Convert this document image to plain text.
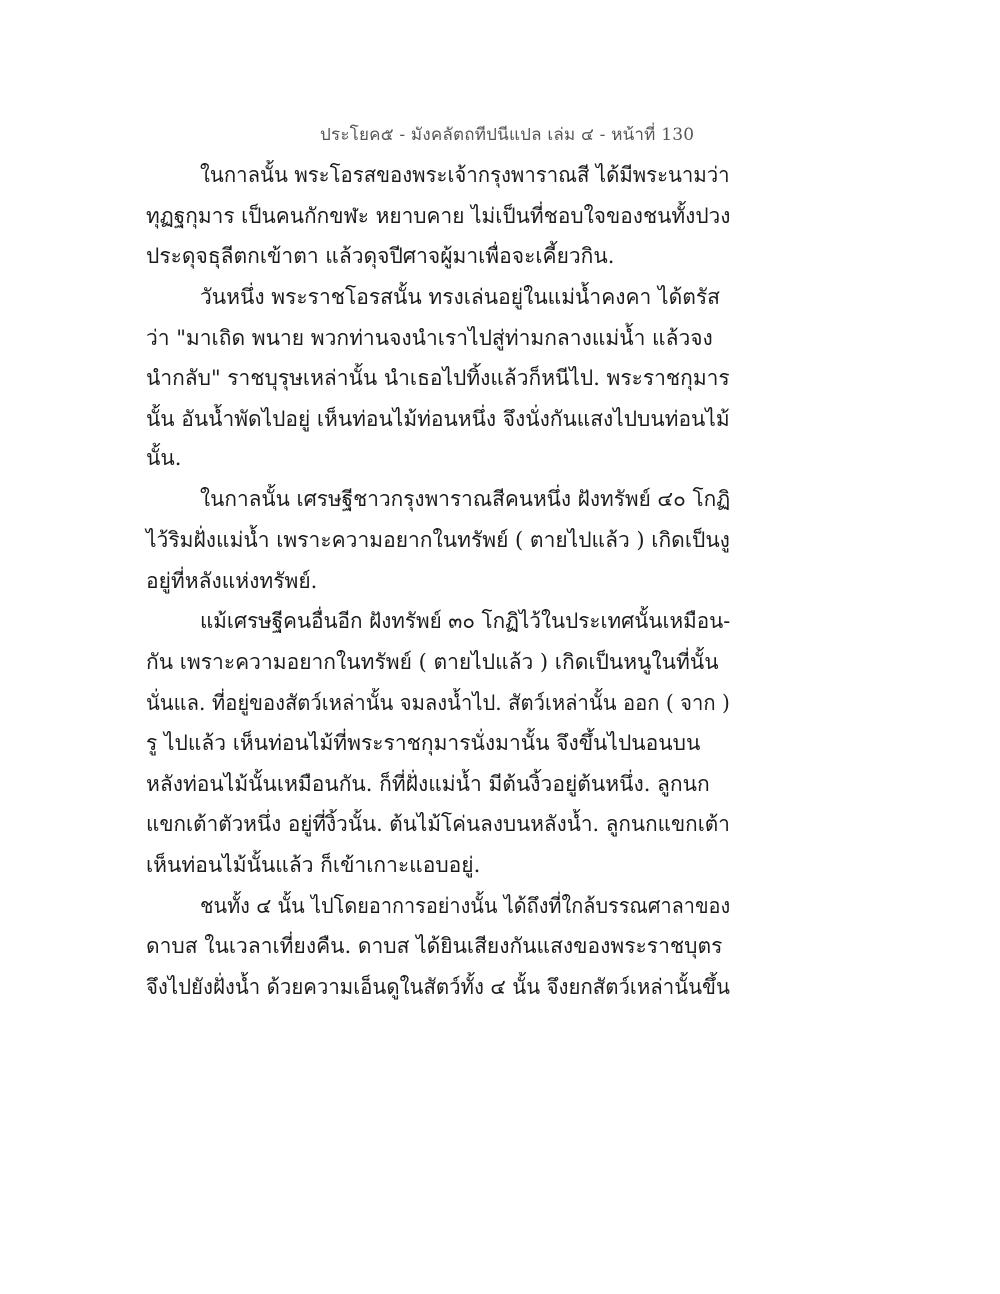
ประโยค๕ - มังคลัตถทีปนีแปล เล่ม ๔ - หน้าที่ 130
ในกาลนั้น พระโอรสของพระเจ้ากรุงพาราณสี ได้มีพระนามว่า
ทุฏฐกุมาร เป็นคนกักขฬะ หยาบคาย ไม่เป็นที่ชอบใจของชนทั้งปวง
ประดุจธุลีตกเข้าตา แล้วดุจปีศาจผู้มาเพื่อจะเคี้ยวกิน.
วันหนึ่ง พระราชโอรสนั้น ทรงเล่นอยู่ในแม่น้ำคงคา ได้ตรัส
ว่า "มาเถิด พนาย พวกท่านจงนำเราไปสู่ท่ามกลางแม่น้ำ แล้วจง
นำกลับ" ราชบุรุษเหล่านั้น นำเธอไปทิ้งแล้วก็หนีไป. พระราชกุมาร
นั้น อันน้ำพัดไปอยู่ เห็นท่อนไม้ท่อนหนึ่ง จึงนั่งกันแสงไปบนท่อนไม้
นั้น.
ในกาลนั้น เศรษฐีชาวกรุงพาราณสีคนหนึ่ง ฝังทรัพย์ ๔๐ โกฏิ
ไว้ริมฝั่งแม่น้ำ เพราะความอยากในทรัพย์ ( ตายไปแล้ว ) เกิดเป็นงู
อยู่ที่หลังแห่งทรัพย์.
แม้เศรษฐีคนอื่นอีก ฝังทรัพย์ ๓๐ โกฏิไว้ในประเทศนั้นเหมือน-
กัน เพราะความอยากในทรัพย์ ( ตายไปแล้ว ) เกิดเป็นหนูในที่นั้น
นั่นแล. ที่อยู่ของสัตว์เหล่านั้น จมลงน้ำไป. สัตว์เหล่านั้น ออก ( จาก )
รู ไปแล้ว เห็นท่อนไม้ที่พระราชกุมารนั่งมานั้น จึงขึ้นไปนอนบน
หลังท่อนไม้นั้นเหมือนกัน. ก็ที่ฝั่งแม่น้ำ มีต้นงิ้วอยู่ต้นหนึ่ง. ลูกนก
แขกเต้าตัวหนึ่ง อยู่ที่งิ้วนั้น. ต้นไม้โค่นลงบนหลังน้ำ. ลูกนกแขกเต้า
เห็นท่อนไม้นั้นแล้ว ก็เข้าเกาะแอบอยู่.
ชนทั้ง ๔ นั้น ไปโดยอาการอย่างนั้น ได้ถึงที่ใกล้บรรณศาลาของ
ดาบส ในเวลาเที่ยงคืน. ดาบส ได้ยินเสียงกันแสงของพระราชบุตร
จึงไปยังฝั่งน้ำ ด้วยความเอ็นดูในสัตว์ทั้ง ๔ นั้น จึงยกสัตว์เหล่านั้นขึ้น
